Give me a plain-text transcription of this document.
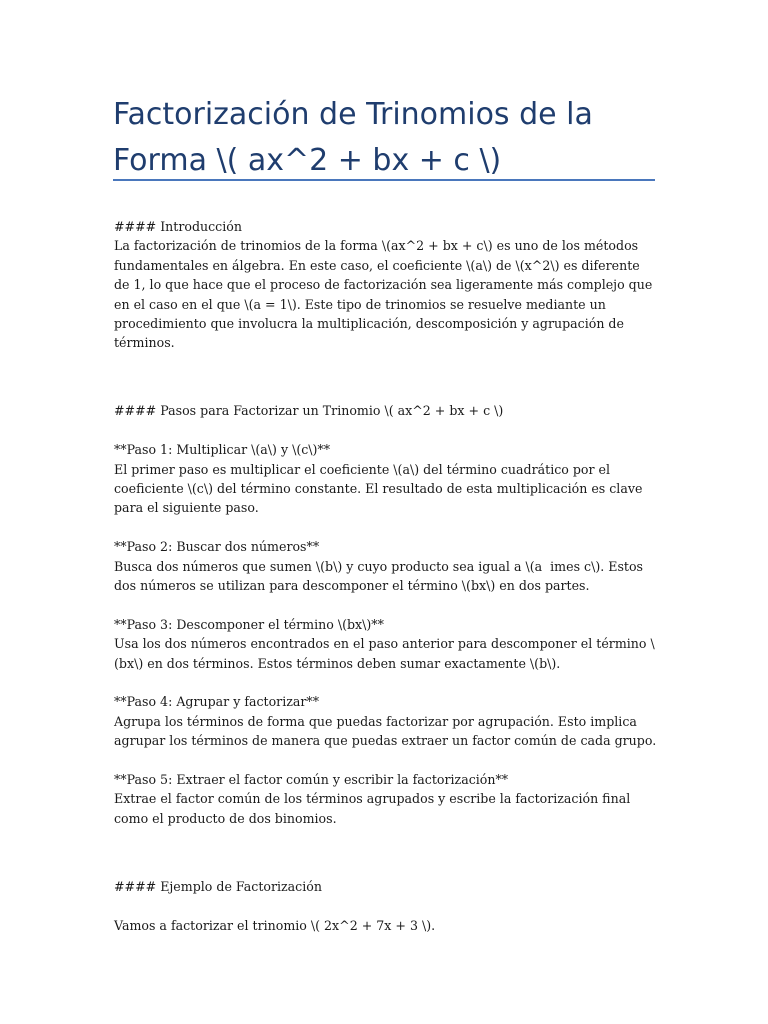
Factorización de Trinomios de la
Forma \( ax^2 + bx + c \)

#### Introducción

La factorización de trinomios de la forma \(ax^2 + bx + c\) es uno de los métodos fundamentales en álgebra. En este caso, el coeficiente \(a\) de \(x^2\) es diferente de 1, lo que hace que el proceso de factorización sea ligeramente más complejo que en el caso en el que \(a = 1\). Este tipo de trinomios se resuelve mediante un procedimiento que involucra la multiplicación, descomposición y agrupación de términos.

#### Pasos para Factorizar un Trinomio \( ax^2 + bx + c \)

**Paso 1: Multiplicar \(a\) y \(c\)**

El primer paso es multiplicar el coeficiente \(a\) del término cuadrático por el coeficiente \(c\) del término constante. El resultado de esta multiplicación es clave para el siguiente paso.

**Paso 2: Buscar dos números**

Busca dos números que sumen \(b\) y cuyo producto sea igual a \(a  imes c\). Estos dos números se utilizan para descomponer el término \(bx\) en dos partes.

**Paso 3: Descomponer el término \(bx\)**

Usa los dos números encontrados en el paso anterior para descomponer el término \(bx\) en dos términos. Estos términos deben sumar exactamente \(b\).

**Paso 4: Agrupar y factorizar**

Agrupa los términos de forma que puedas factorizar por agrupación. Esto implica agrupar los términos de manera que puedas extraer un factor común de cada grupo.

**Paso 5: Extraer el factor común y escribir la factorización**

Extrae el factor común de los términos agrupados y escribe la factorización final como el producto de dos binomios.

#### Ejemplo de Factorización

Vamos a factorizar el trinomio \( 2x^2 + 7x + 3 \).
